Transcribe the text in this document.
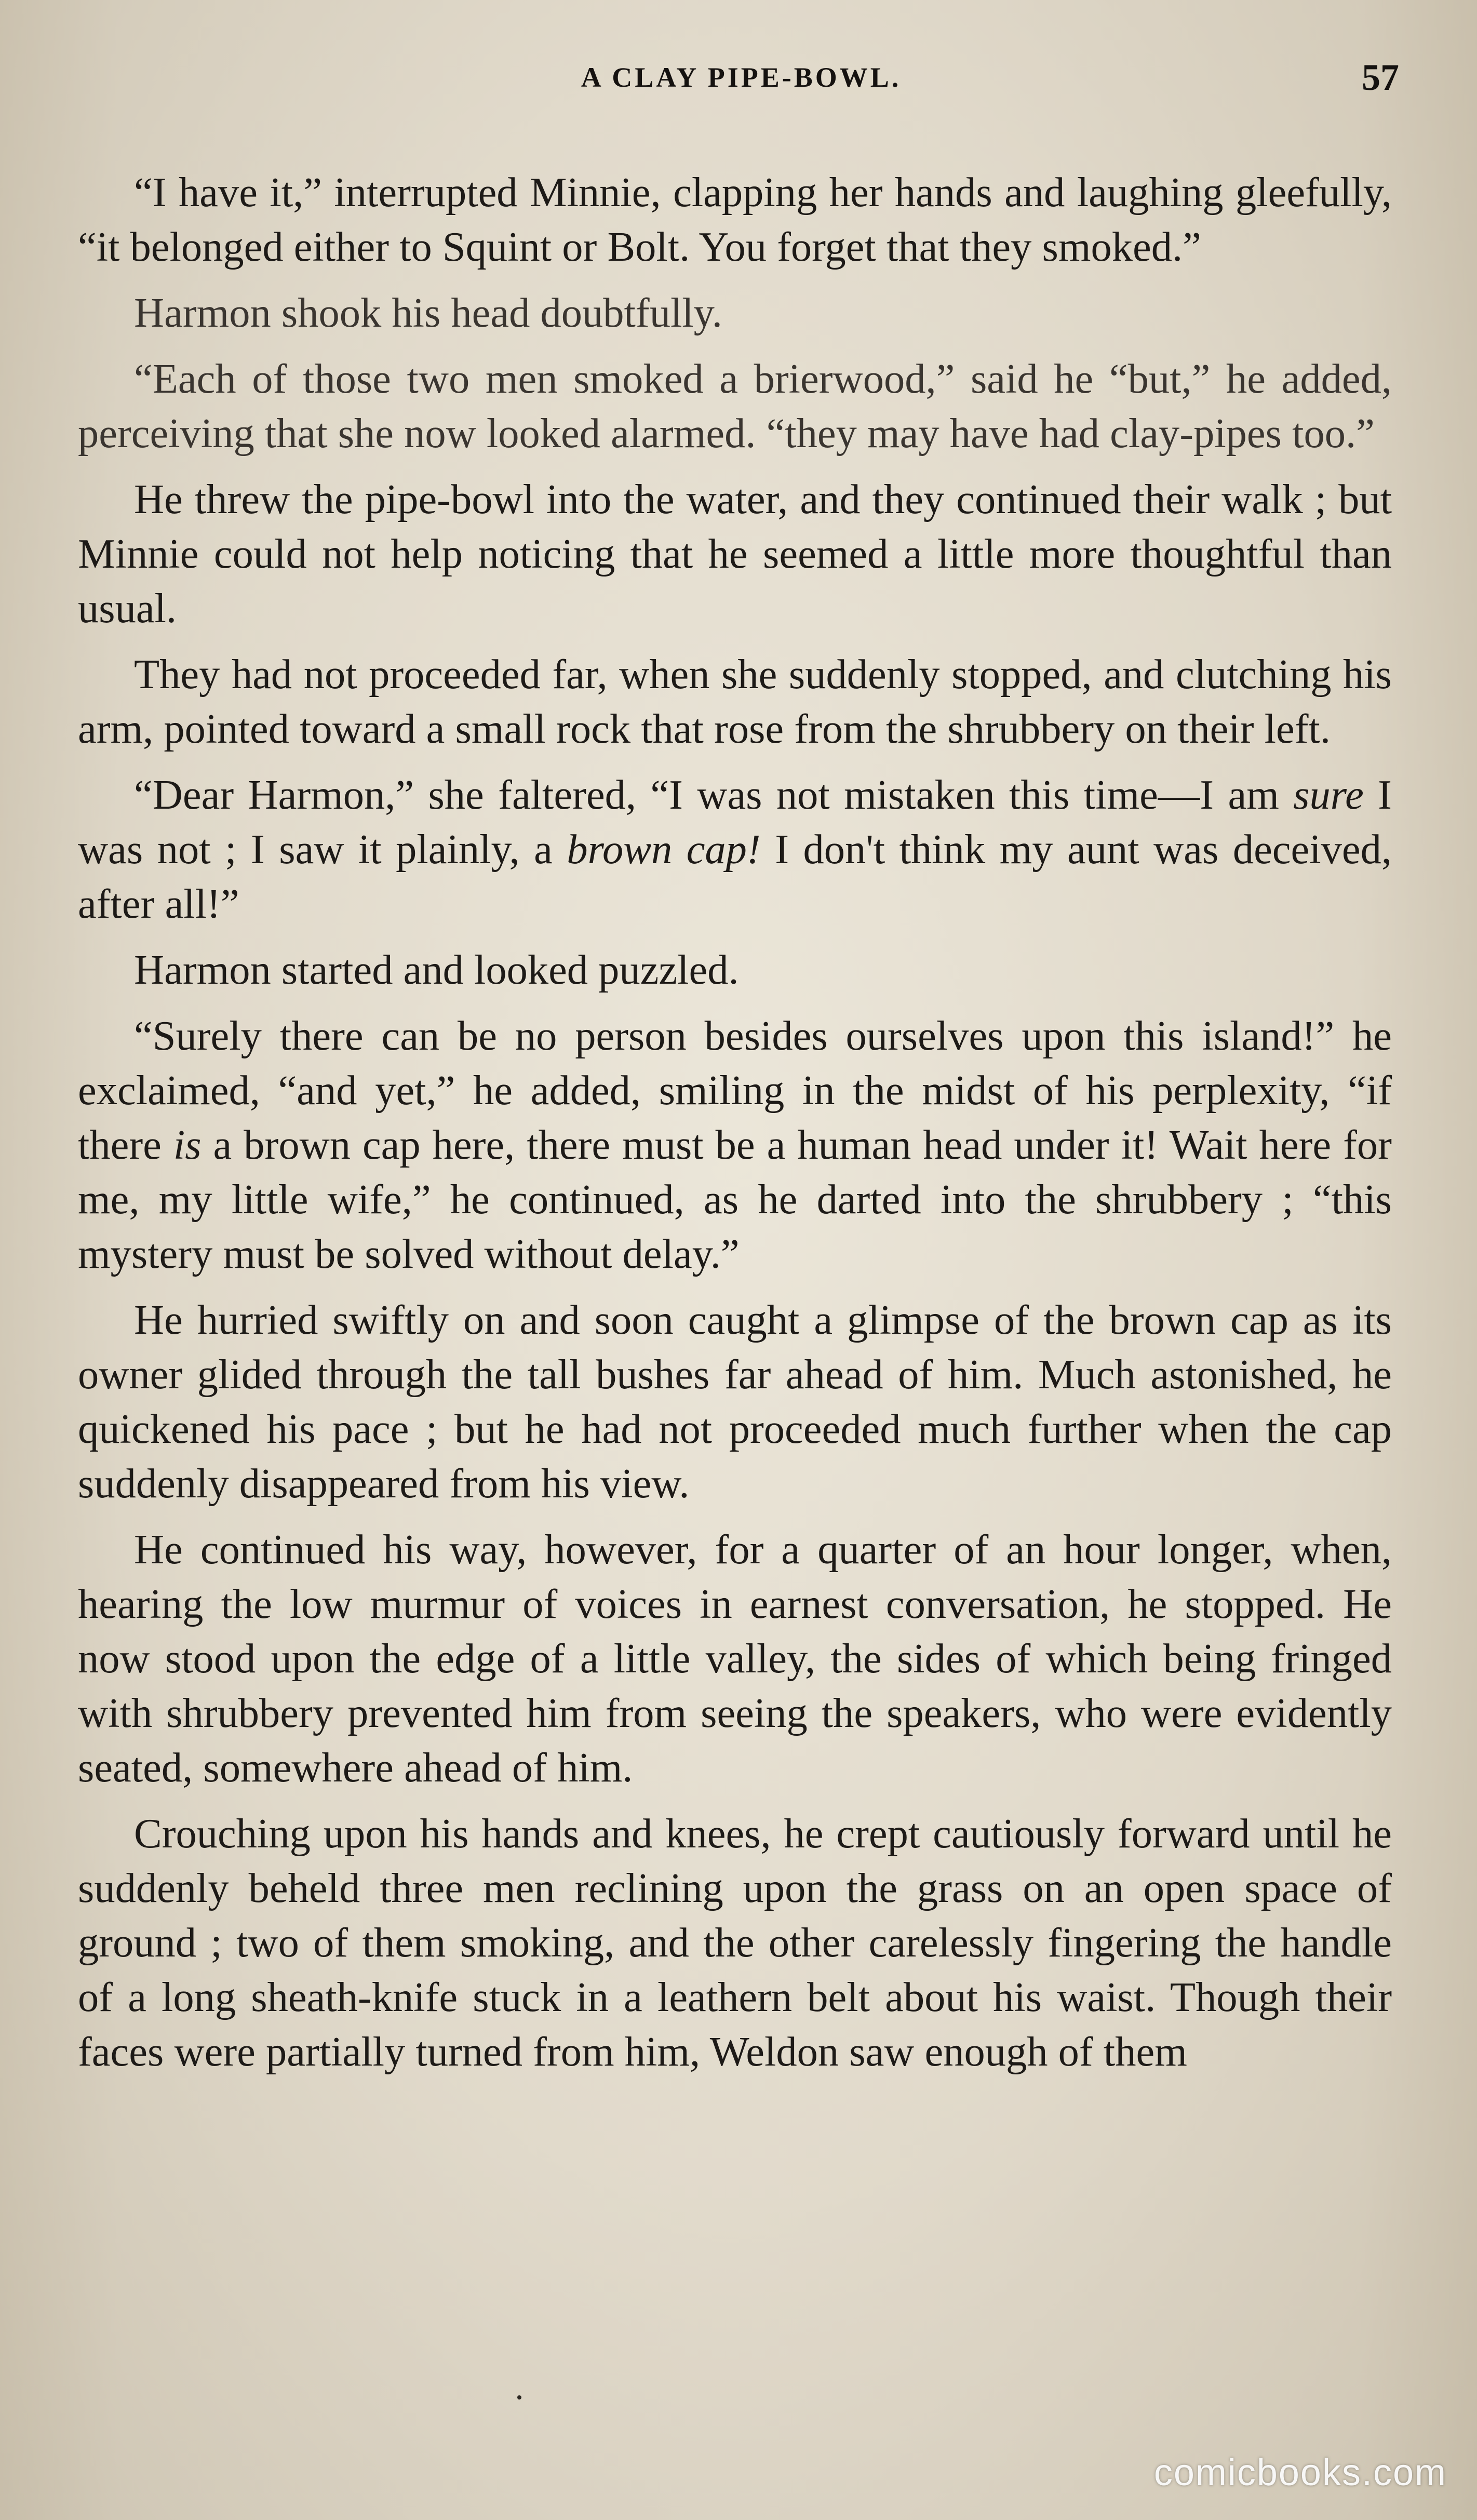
A CLAY PIPE-BOWL.	57

“I have it,” interrupted Minnie, clapping her hands and laughing gleefully, “it belonged either to Squint or Bolt. You forget that they smoked.”

Harmon shook his head doubtfully.

“Each of those two men smoked a brierwood,” said he “but,” he added, perceiving that she now looked alarmed. “they may have had clay-pipes too.”

He threw the pipe-bowl into the water, and they continued their walk ; but Minnie could not help noticing that he seemed a little more thoughtful than usual.

They had not proceeded far, when she suddenly stopped, and clutching his arm, pointed toward a small rock that rose from the shrubbery on their left.

“Dear Harmon,” she faltered, “I was not mistaken this time—I am sure I was not ; I saw it plainly, a brown cap! I don't think my aunt was deceived, after all!”

Harmon started and looked puzzled.

“Surely there can be no person besides ourselves upon this island!” he exclaimed, “and yet,” he added, smiling in the midst of his perplexity, “if there is a brown cap here, there must be a human head under it! Wait here for me, my little wife,” he continued, as he darted into the shrubbery ; “this mystery must be solved without delay.”

He hurried swiftly on and soon caught a glimpse of the brown cap as its owner glided through the tall bushes far ahead of him. Much astonished, he quickened his pace ; but he had not proceeded much further when the cap suddenly disappeared from his view.

He continued his way, however, for a quarter of an hour longer, when, hearing the low murmur of voices in earnest conversation, he stopped. He now stood upon the edge of a little valley, the sides of which being fringed with shrubbery prevented him from seeing the speakers, who were evidently seated, somewhere ahead of him.

Crouching upon his hands and knees, he crept cautiously forward until he suddenly beheld three men reclining upon the grass on an open space of ground ; two of them smoking, and the other carelessly fingering the handle of a long sheath-knife stuck in a leathern belt about his waist. Though their faces were partially turned from him, Weldon saw enough of them

comicbooks.com
